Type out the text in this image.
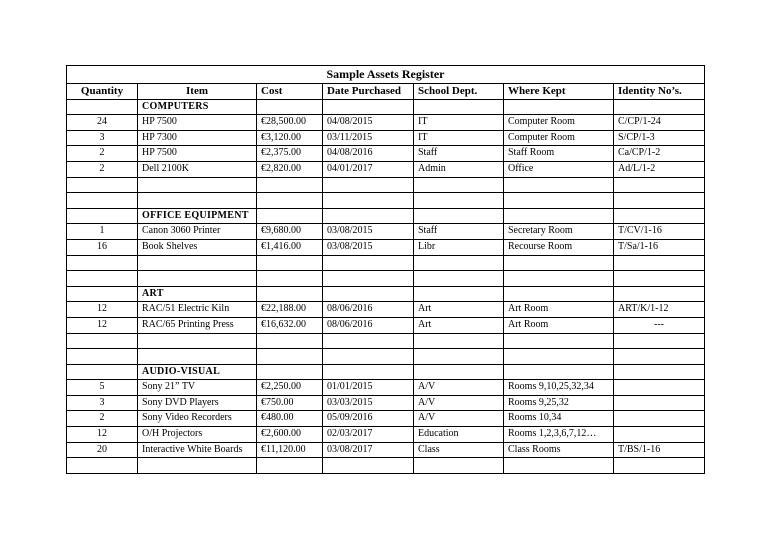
Sample Assets Register						
Quantity	Item	Cost	Date Purchased	School Dept.	Where Kept	Identity No’s.
	COMPUTERS					
24	HP 7500	€28,500.00	04/08/2015	IT	Computer Room	C/CP/1-24
3	HP 7300	€3,120.00	03/11/2015	IT	Computer Room	S/CP/1-3
2	HP 7500	€2,375.00	04/08/2016	Staff	Staff Room	Ca/CP/1-2
2	Dell 2100K	€2,820.00	04/01/2017	Admin	Office	Ad/L/1-2

	OFFICE EQUIPMENT					
1	Canon 3060 Printer	€9,680.00	03/08/2015	Staff	Secretary Room	T/CV/1-16
16	Book Shelves	€1,416.00	03/08/2015	Libr	Recourse Room	T/Sa/1-16

	ART					
12	RAC/51 Electric Kiln	€22,188.00	08/06/2016	Art	Art Room	ART/K/1-12
12	RAC/65 Printing Press	€16,632.00	08/06/2016	Art	Art Room	---

	AUDIO-VISUAL					
5	Sony 21” TV	€2,250.00	01/01/2015	A/V	Rooms 9,10,25,32,34	
3	Sony DVD Players	€750.00	03/03/2015	A/V	Rooms 9,25,32	
2	Sony Video Recorders	€480.00	05/09/2016	A/V	Rooms 10,34	
12	O/H Projectors	€2,600.00	02/03/2017	Education	Rooms 1,2,3,6,7,12…	
20	Interactive White Boards	€11,120.00	03/08/2017	Class	Class Rooms	T/BS/1-16
